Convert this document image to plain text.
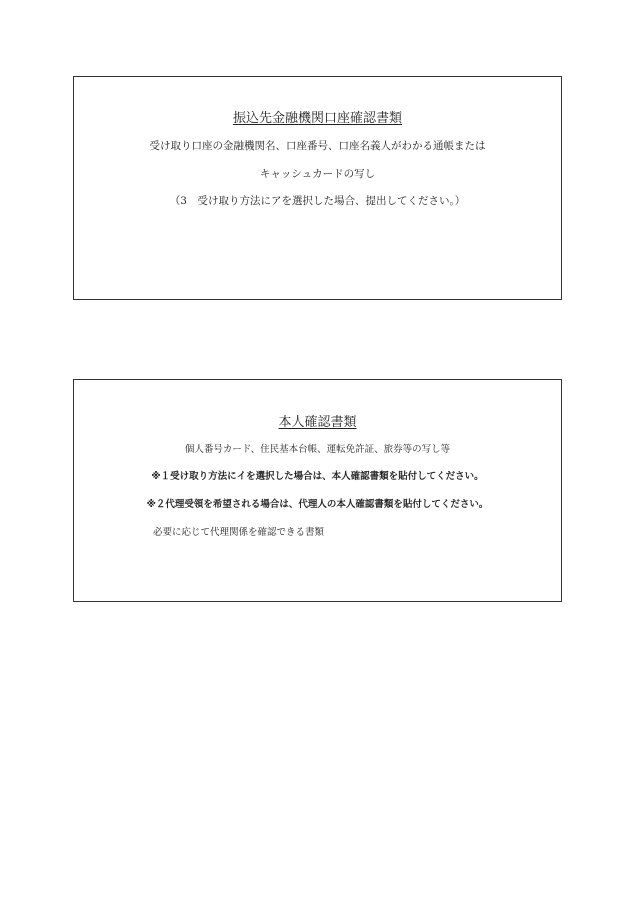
振込先金融機関口座確認書類
受け取り口座の金融機関名、口座番号、口座名義人がわかる通帳または
キャッシュカードの写し
（3　受け取り方法にアを選択した場合、提出してください。）
本人確認書類
個人番号カード、住民基本台帳、運転免許証、旅券等の写し等
※１受け取り方法にイを選択した場合は、本人確認書類を貼付してください。
※２代理受領を希望される場合は、代理人の本人確認書類を貼付してください。
必要に応じて代理関係を確認できる書類
